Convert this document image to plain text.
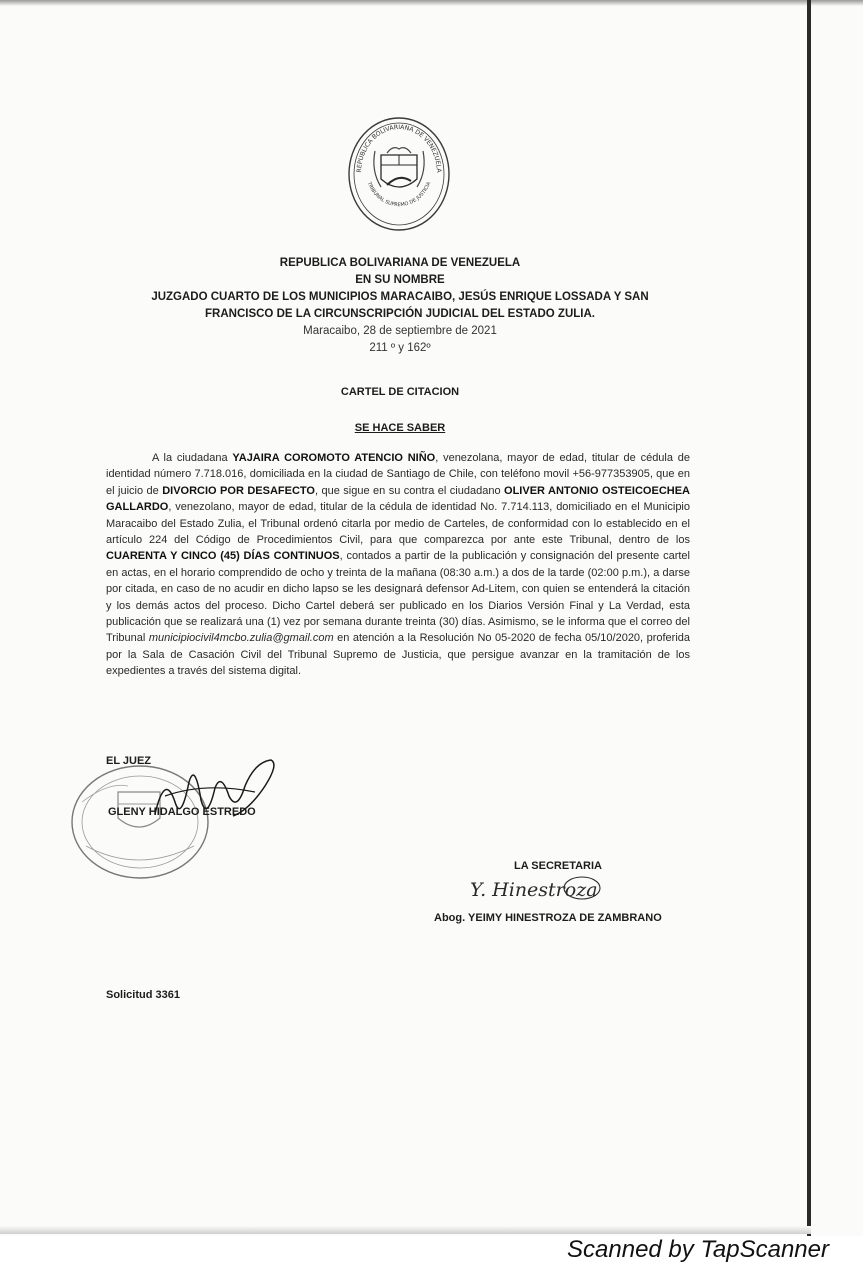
REPUBLICA BOLIVARIANA DE VENEZUELA
TRIBUNAL SUPREMO DE JUSTICIA
REPUBLICA BOLIVARIANA DE VENEZUELA
EN SU NOMBRE
JUZGADO CUARTO DE LOS MUNICIPIOS MARACAIBO, JESÚS ENRIQUE LOSSADA Y SAN
FRANCISCO DE LA CIRCUNSCRIPCIÓN JUDICIAL DEL ESTADO ZULIA.
Maracaibo, 28 de septiembre de 2021
211 º y 162º
CARTEL DE CITACION
SE HACE SABER
A la ciudadana YAJAIRA COROMOTO ATENCIO NIÑO, venezolana, mayor de edad, titular de cédula de identidad número 7.718.016, domiciliada en la ciudad de Santiago de Chile, con teléfono movil +56-977353905, que en el juicio de DIVORCIO POR DESAFECTO, que sigue en su contra el ciudadano OLIVER ANTONIO OSTEICOECHEA GALLARDO, venezolano, mayor de edad, titular de la cédula de identidad No. 7.714.113, domiciliado en el Municipio Maracaibo del Estado Zulia, el Tribunal ordenó citarla por medio de Carteles, de conformidad con lo establecido en el artículo 224 del Código de Procedimientos Civil, para que comparezca por ante este Tribunal, dentro de los CUARENTA Y CINCO (45) DÍAS CONTINUOS, contados a partir de la publicación y consignación del presente cartel en actas, en el horario comprendido de ocho y treinta de la mañana (08:30 a.m.) a dos de la tarde (02:00 p.m.), a darse por citada, en caso de no acudir en dicho lapso se les designará defensor Ad-Litem, con quien se entenderá la citación y los demás actos del proceso. Dicho Cartel deberá ser publicado en los Diarios Versión Final y La Verdad, esta publicación que se realizará una (1) vez por semana durante treinta (30) días. Asimismo, se le informa que el correo del Tribunal municipiocivil4mcbo.zulia@gmail.com en atención a la Resolución No 05-2020 de fecha 05/10/2020, proferida por la Sala de Casación Civil del Tribunal Supremo de Justicia, que persigue avanzar en la tramitación de los expedientes a través del sistema digital.
EL JUEZ
GLENY HIDALGO ESTREDO
LA SECRETARIA
Y. Hinestroza
Abog. YEIMY HINESTROZA DE ZAMBRANO
Solicitud 3361
Scanned by TapScanner
